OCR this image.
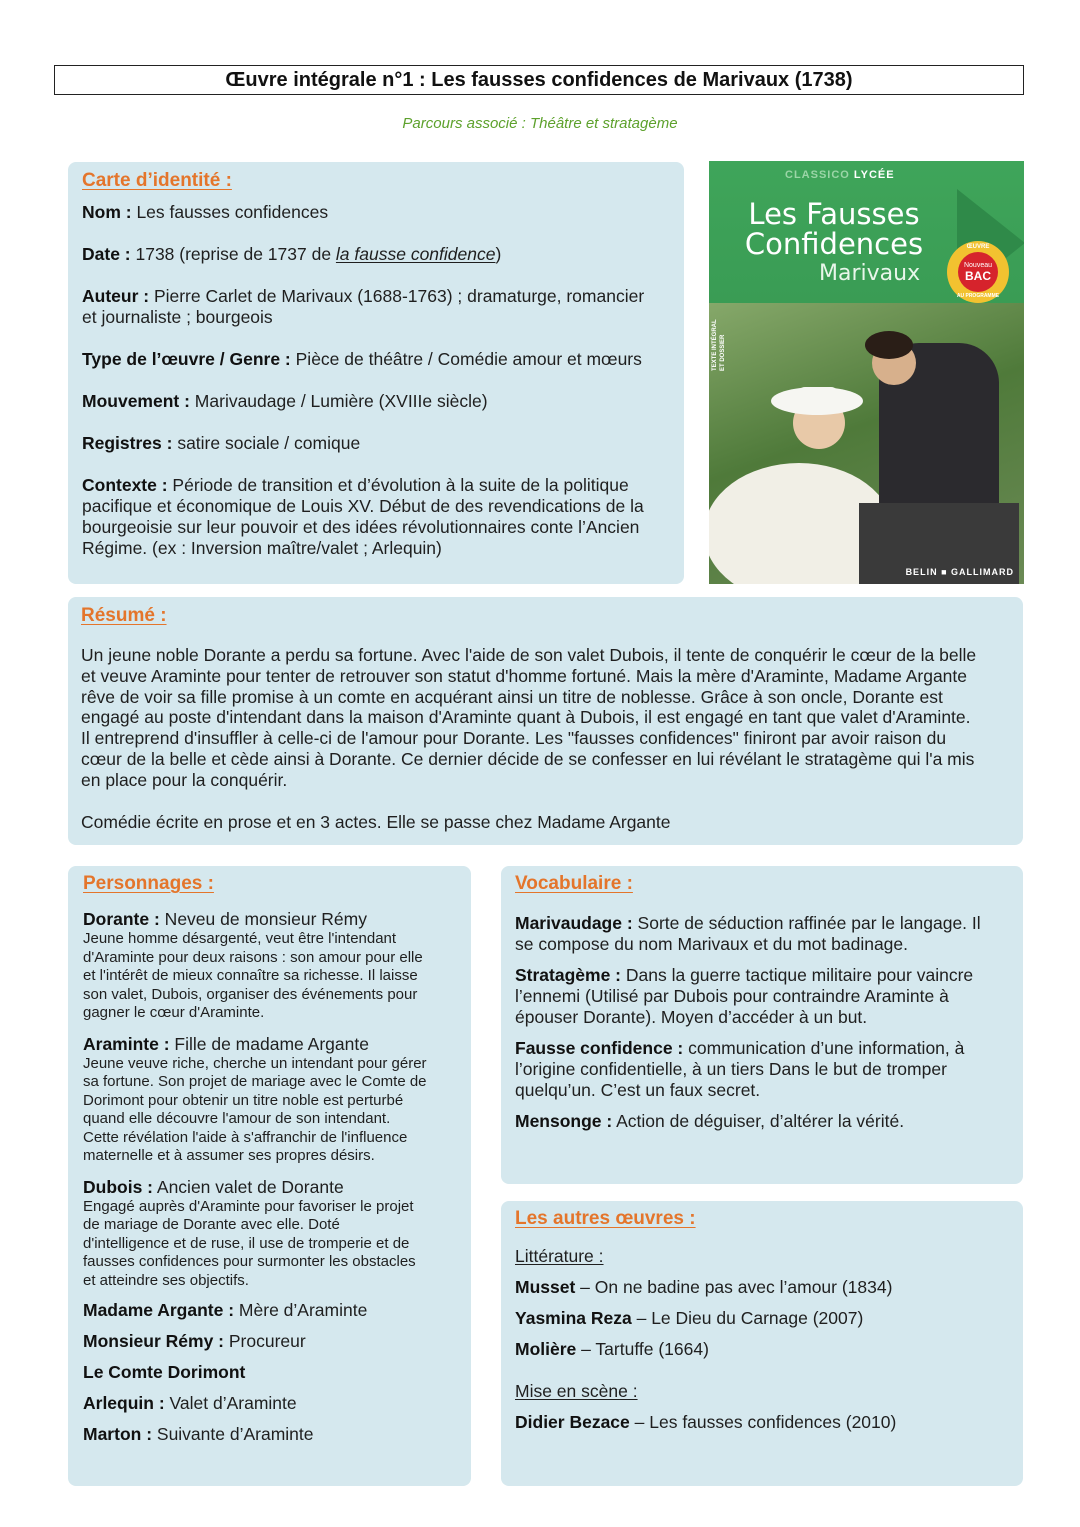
Œuvre intégrale n°1 : Les fausses confidences de Marivaux (1738)
Parcours associé : Théâtre et stratagème

Carte d’identité :

Nom : Les fausses confidences

Date : 1738 (reprise de 1737 de la fausse confidence)

Auteur : Pierre Carlet de Marivaux (1688-1763) ; dramaturge, romancier

et journaliste ; bourgeois

Type de l’œuvre / Genre : Pièce de théâtre / Comédie amour et mœurs

Mouvement : Marivaudage / Lumière (XVIIIe siècle)

Registres : satire sociale / comique

Contexte : Période de transition et d’évolution à la suite de la politique

pacifique et économique de Louis XV. Début de des revendications de la

bourgeoisie sur leur pouvoir et des idées révolutionnaires conte l’Ancien

Régime. (ex : Inversion maître/valet ; Arlequin)

CLASSICO LYCÉE
Les Fausses
Confidences
Marivaux
ŒUVRE
Nouveau
BAC
AU PROGRAMME
TEXTE INTÉGRAL ET DOSSIER
BELIN ■ GALLIMARD

Résumé :

Un jeune noble Dorante a perdu sa fortune. Avec l'aide de son valet Dubois, il tente de conquérir le cœur de la belle

et veuve Araminte pour tenter de retrouver son statut d'homme fortuné. Mais la mère d'Araminte, Madame Argante

rêve de voir sa fille promise à un comte en acquérant ainsi un titre de noblesse. Grâce à son oncle, Dorante est

engagé au poste d'intendant dans la maison d'Araminte quant à Dubois, il est engagé en tant que valet d'Araminte.

Il entreprend d'insuffler à celle-ci de l'amour pour Dorante. Les "fausses confidences" finiront par avoir raison du

cœur de la belle et cède ainsi à Dorante. Ce dernier décide de se confesser en lui révélant le stratagème qui l'a mis

en place pour la conquérir.

Comédie écrite en prose et en 3 actes. Elle se passe chez Madame Argante

Personnages :

Dorante : Neveu de monsieur Rémy

Jeune homme désargenté, veut être l'intendant

d'Araminte pour deux raisons : son amour pour elle

et l'intérêt de mieux connaître sa richesse. Il laisse

son valet, Dubois, organiser des événements pour

gagner le cœur d'Araminte.

Araminte : Fille de madame Argante

Jeune veuve riche, cherche un intendant pour gérer

sa fortune. Son projet de mariage avec le Comte de

Dorimont pour obtenir un titre noble est perturbé

quand elle découvre l'amour de son intendant.

Cette révélation l'aide à s'affranchir de l'influence

maternelle et à assumer ses propres désirs.

Dubois : Ancien valet de Dorante

Engagé auprès d'Araminte pour favoriser le projet

de mariage de Dorante avec elle. Doté

d'intelligence et de ruse, il use de tromperie et de

fausses confidences pour surmonter les obstacles

et atteindre ses objectifs.

Madame Argante : Mère d’Araminte

Monsieur Rémy : Procureur

Le Comte Dorimont

Arlequin : Valet d’Araminte

Marton : Suivante d’Araminte

Vocabulaire :

Marivaudage : Sorte de séduction raffinée par le langage. Il

se compose du nom Marivaux et du mot badinage.

Stratagème : Dans la guerre tactique militaire pour vaincre

l’ennemi (Utilisé par Dubois pour contraindre Araminte à

épouser Dorante). Moyen d’accéder à un but.

Fausse confidence : communication d’une information, à

l’origine confidentielle, à un tiers Dans le but de tromper

quelqu’un. C’est un faux secret.

Mensonge : Action de déguiser, d’altérer la vérité.

Les autres œuvres :

Littérature :

Musset – On ne badine pas avec l’amour (1834)

Yasmina Reza – Le Dieu du Carnage (2007)

Molière – Tartuffe (1664)

Mise en scène :

Didier Bezace – Les fausses confidences (2010)
